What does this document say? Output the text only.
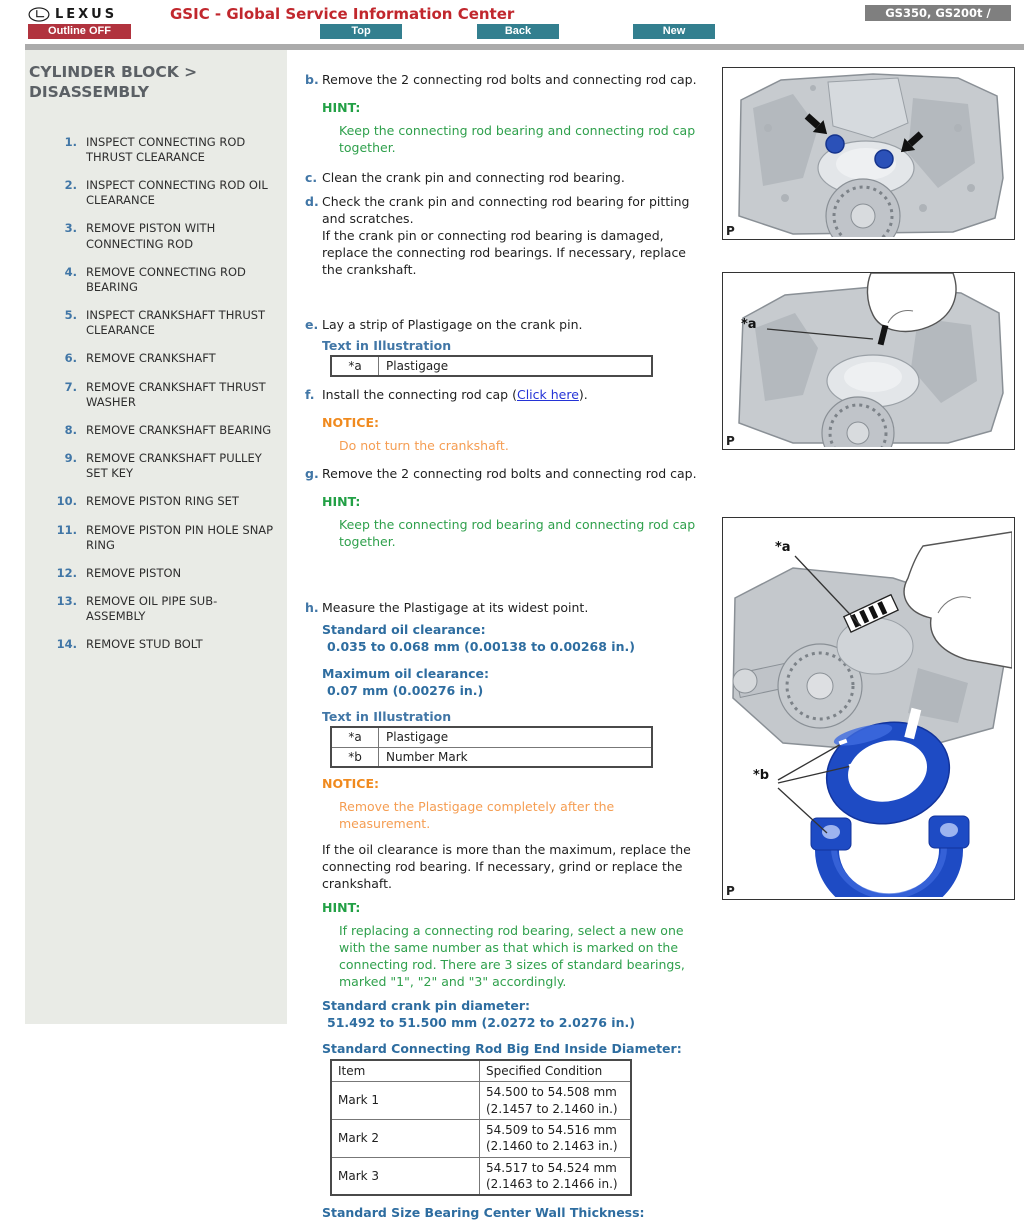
LEXUS	GSIC - Global Service Information Center	GS350, GS200t /
Outline OFF	Top	Back	New
CYLINDER BLOCK >
DISASSEMBLY
1. INSPECT CONNECTING ROD THRUST CLEARANCE
2. INSPECT CONNECTING ROD OIL CLEARANCE
3. REMOVE PISTON WITH CONNECTING ROD
4. REMOVE CONNECTING ROD BEARING
5. INSPECT CRANKSHAFT THRUST CLEARANCE
6. REMOVE CRANKSHAFT
7. REMOVE CRANKSHAFT THRUST WASHER
8. REMOVE CRANKSHAFT BEARING
9. REMOVE CRANKSHAFT PULLEY SET KEY
10. REMOVE PISTON RING SET
11. REMOVE PISTON PIN HOLE SNAP RING
12. REMOVE PISTON
13. REMOVE OIL PIPE SUB-ASSEMBLY
14. REMOVE STUD BOLT
b. Remove the 2 connecting rod bolts and connecting rod cap.
HINT:
Keep the connecting rod bearing and connecting rod cap together.
c. Clean the crank pin and connecting rod bearing.
d. Check the crank pin and connecting rod bearing for pitting and scratches.
If the crank pin or connecting rod bearing is damaged, replace the connecting rod bearings. If necessary, replace the crankshaft.
e. Lay a strip of Plastigage on the crank pin.
Text in Illustration
*a	Plastigage
f. Install the connecting rod cap (Click here).
NOTICE:
Do not turn the crankshaft.
g. Remove the 2 connecting rod bolts and connecting rod cap.
HINT:
Keep the connecting rod bearing and connecting rod cap together.
h. Measure the Plastigage at its widest point.
Standard oil clearance:
0.035 to 0.068 mm (0.00138 to 0.00268 in.)
Maximum oil clearance:
0.07 mm (0.00276 in.)
Text in Illustration
*a	Plastigage
*b	Number Mark
NOTICE:
Remove the Plastigage completely after the measurement.
If the oil clearance is more than the maximum, replace the connecting rod bearing. If necessary, grind or replace the crankshaft.
HINT:
If replacing a connecting rod bearing, select a new one with the same number as that which is marked on the connecting rod. There are 3 sizes of standard bearings, marked "1", "2" and "3" accordingly.
Standard crank pin diameter:
51.492 to 51.500 mm (2.0272 to 2.0276 in.)
Standard Connecting Rod Big End Inside Diameter:
Item	Specified Condition
Mark 1	54.500 to 54.508 mm
(2.1457 to 2.1460 in.)

Mark 2	54.509 to 54.516 mm
(2.1460 to 2.1463 in.)

Mark 3	54.517 to 54.524 mm
(2.1463 to 2.1466 in.)
Standard Size Bearing Center Wall Thickness:
P
*a
P
*a
*b
P
